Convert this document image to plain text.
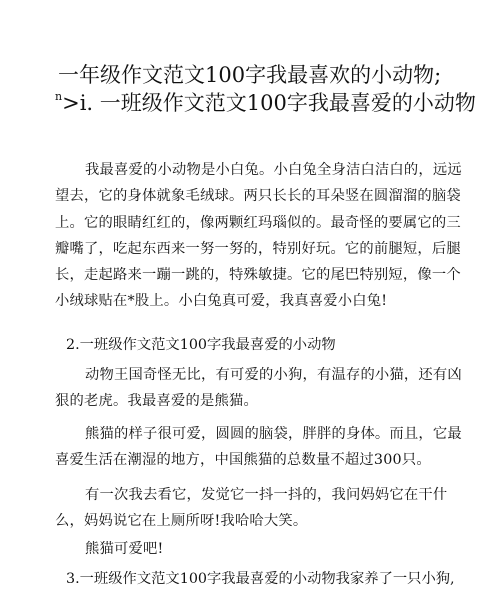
一年级作文范文100字我最喜欢的小动物;
$^n$>i. 一班级作文范文100字我最喜爱的小动物

我最喜爱的小动物是小白兔。小白兔全身洁白洁白的，远远望去，它的身体就象毛绒球。两只长长的耳朵竖在圆溜溜的脑袋 上。它的眼睛红红的，像两颗红玛瑙似的。最奇怪的要属它的三 瓣嘴了，吃起东西来一努一努的，特别好玩。它的前腿短，后腿 长，走起路来一蹦一跳的，特殊敏捷。它的尾巴特别短，像一个 小绒球贴在*股上。小白兔真可爱，我真喜爱小白兔!

2.一班级作文范文100字我最喜爱的小动物

动物王国奇怪无比，有可爱的小狗，有温存的小猫，还有凶狠的老虎。我最喜爱的是熊猫。

熊猫的样子很可爱，圆圆的脑袋，胖胖的身体。而且，它最喜爱生活在潮湿的地方，中国熊猫的总数量不超过300只。

有一次我去看它，发觉它一抖一抖的，我问妈妈它在干什么，妈妈说它在上厕所呀!我哈哈大笑。

熊猫可爱吧!

3.一班级作文范文100字我最喜爱的小动物我家养了一只小狗,
